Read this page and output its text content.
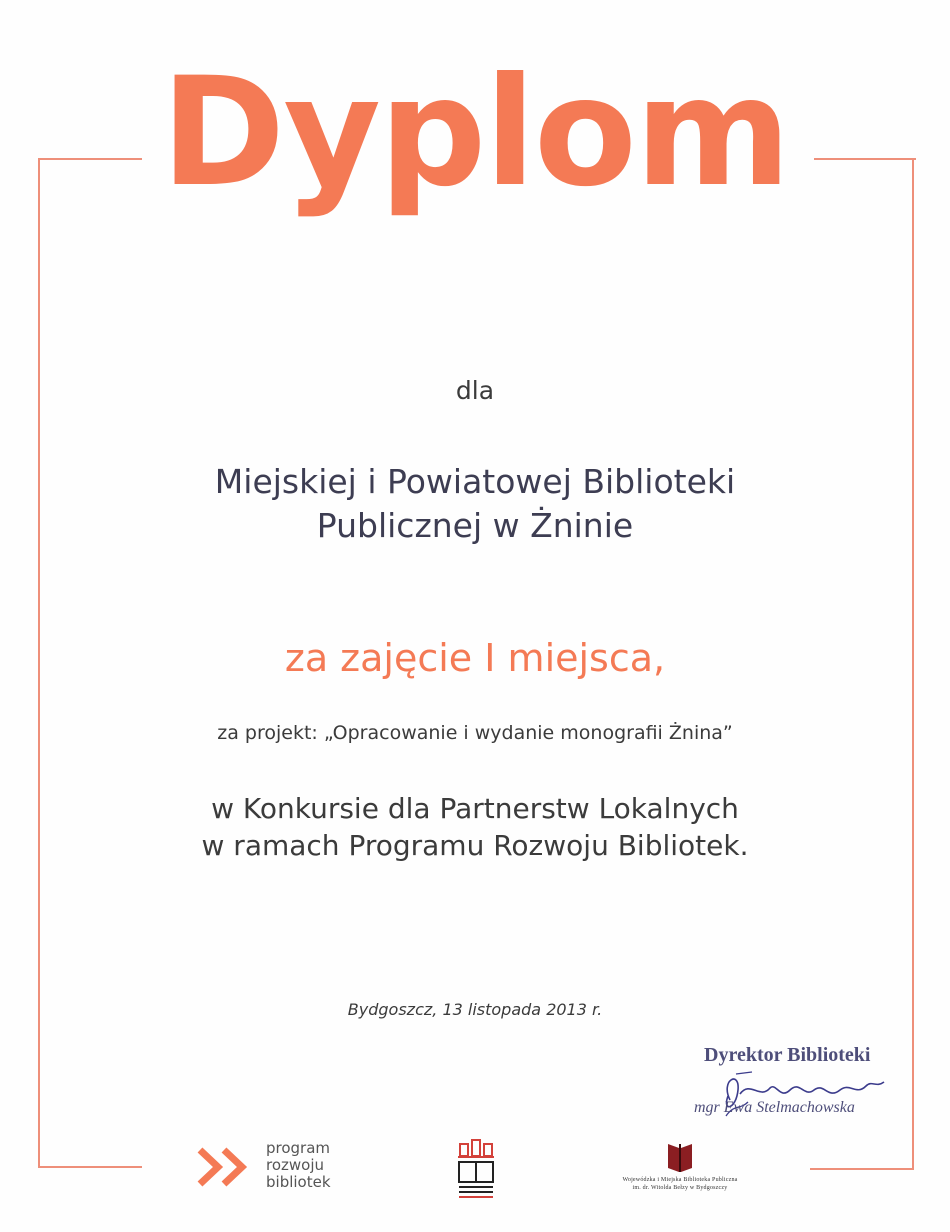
Dyplom
dla
Miejskiej i Powiatowej Biblioteki
Publicznej w Żninie
za zajęcie I miejsca,
za projekt: „Opracowanie i wydanie monografii Żnina”
w Konkursie dla Partnerstw Lokalnych
w ramach Programu Rozwoju Bibliotek.
Bydgoszcz, 13 listopada 2013 r.
Dyrektor Biblioteki
mgr Ewa Stelmachowska
program
rozwoju
bibliotek	Wojewódzka i Miejska Biblioteka Publiczna
im. dr. Witolda Bełzy w Bydgoszczy
